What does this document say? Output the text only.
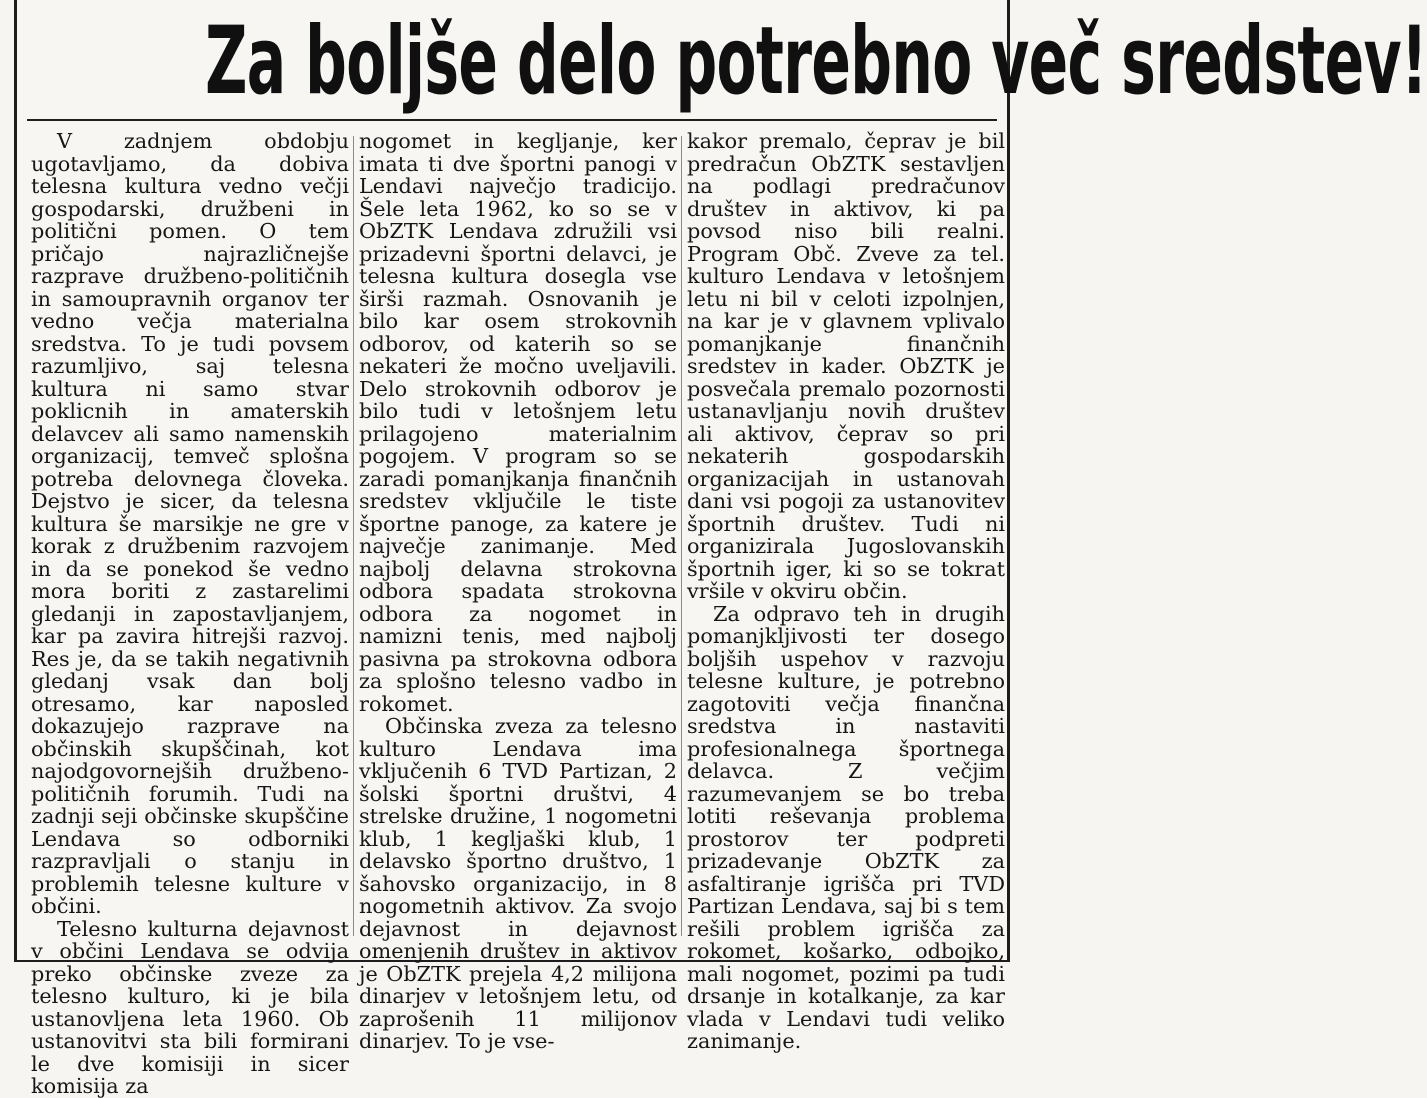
Za boljše delo potrebno več sredstev!

V zadnjem obdobju ugotavljamo, da dobiva telesna kultura vedno večji gospodarski, družbeni in politični pomen. O tem pričajo najrazličnejše razprave družbeno-političnih in samoupravnih organov ter vedno večja materialna sredstva. To je tudi povsem razumljivo, saj telesna kultura ni samo stvar poklicnih in amaterskih delavcev ali samo namenskih organizacij, temveč splošna potreba delovnega človeka. Dejstvo je sicer, da telesna kultura še marsikje ne gre v korak z družbenim razvojem in da se ponekod še vedno mora boriti z zastarelimi gledanji in zapostavljanjem, kar pa zavira hitrejši razvoj. Res je, da se takih negativnih gledanj vsak dan bolj otresamo, kar naposled dokazujejo razprave na občinskih skupščinah, kot najodgovornejših družbeno-političnih forumih. Tudi na zadnji seji občinske skupščine Lendava so odborniki razpravljali o stanju in problemih telesne kulture v občini.

Telesno kulturna dejavnost v občini Lendava se odvija preko občinske zveze za telesno kulturo, ki je bila ustanovljena leta 1960. Ob ustanovitvi sta bili formirani le dve komisiji in sicer komisija za

nogomet in kegljanje, ker imata ti dve športni panogi v Lendavi največjo tradicijo. Šele leta 1962, ko so se v ObZTK Lendava združili vsi prizadevni športni delavci, je telesna kultura dosegla vse širši razmah. Osnovanih je bilo kar osem strokovnih odborov, od katerih so se nekateri že močno uveljavili. Delo strokovnih odborov je bilo tudi v letošnjem letu prilagojeno materialnim pogojem. V program so se zaradi pomanjkanja finančnih sredstev vključile le tiste športne panoge, za katere je največje zanimanje. Med najbolj delavna strokovna odbora spadata strokovna odbora za nogomet in namizni tenis, med najbolj pasivna pa strokovna odbora za splošno telesno vadbo in rokomet.

Občinska zveza za telesno kulturo Lendava ima vključenih 6 TVD Partizan, 2 šolski športni društvi, 4 strelske družine, 1 nogometni klub, 1 kegljaški klub, 1 delavsko športno društvo, 1 šahovsko organizacijo, in 8 nogometnih aktivov. Za svojo dejavnost in dejavnost omenjenih društev in aktivov je ObZTK prejela 4,2 milijona dinarjev v letošnjem letu, od zaprošenih 11 milijonov dinarjev. To je vse-

kakor premalo, čeprav je bil predračun ObZTK sestavljen na podlagi predračunov društev in aktivov, ki pa povsod niso bili realni. Program Obč. Zveve za tel. kulturo Lendava v letošnjem letu ni bil v celoti izpolnjen, na kar je v glavnem vplivalo pomanjkanje finančnih sredstev in kader. ObZTK je posvečala premalo pozornosti ustanavljanju novih društev ali aktivov, čeprav so pri nekaterih gospodarskih organizacijah in ustanovah dani vsi pogoji za ustanovitev športnih društev. Tudi ni organizirala Jugoslovanskih športnih iger, ki so se tokrat vršile v okviru občin.

Za odpravo teh in drugih pomanjkljivosti ter dosego boljših uspehov v razvoju telesne kulture, je potrebno zagotoviti večja finančna sredstva in nastaviti profesionalnega športnega delavca. Z večjim razumevanjem se bo treba lotiti reševanja problema prostorov ter podpreti prizadevanje ObZTK za asfaltiranje igrišča pri TVD Partizan Lendava, saj bi s tem rešili problem igrišča za rokomet, košarko, odbojko, mali nogomet, pozimi pa tudi drsanje in kotalkanje, za kar vlada v Lendavi tudi veliko zanimanje.
